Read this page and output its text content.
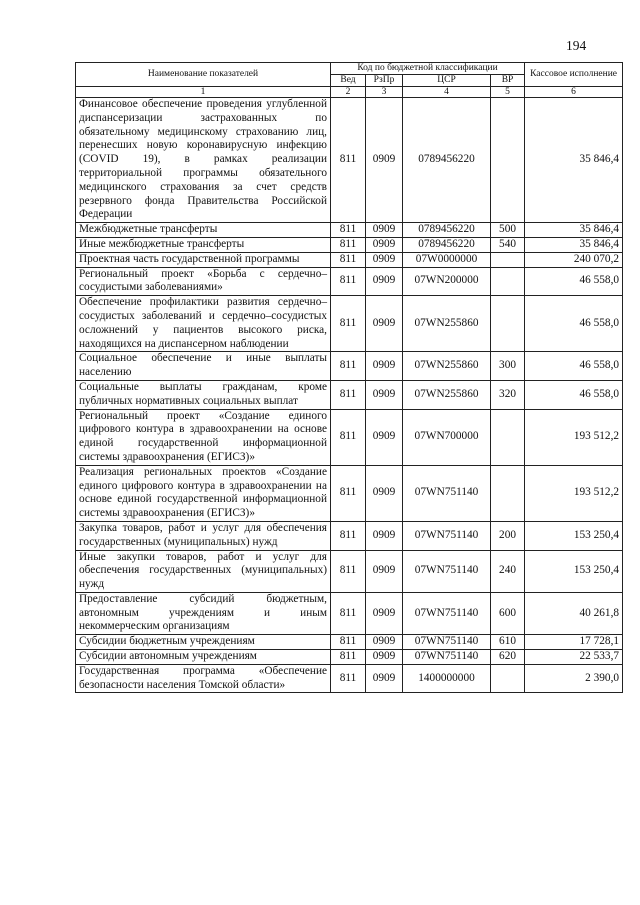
194
Наименование показателей	Код по бюджетной классификации				Кассовое исполнение
	Вед	РзПр	ЦСР	ВР	
1	2	3	4	5	6
Финансовое обеспечение проведения углубленной диспансеризации застрахованных по обязательному медицинскому страхованию лиц, перенесших новую коронавирусную инфекцию (COVID 19), в рамках реализации территориальной программы обязательного медицинского страхования за счет средств резервного фонда Правительства Российской Федерации	811	0909	0789456220		35 846,4
Межбюджетные трансферты	811	0909	0789456220	500	35 846,4
Иные межбюджетные трансферты	811	0909	0789456220	540	35 846,4
Проектная часть государственной программы	811	0909	07W0000000		240 070,2
Региональный проект «Борьба с сердечно–сосудистыми заболеваниями»	811	0909	07WN200000		46 558,0
Обеспечение профилактики развития сердечно–сосудистых заболеваний и сердечно–сосудистых осложнений у пациентов высокого риска, находящихся на диспансерном наблюдении	811	0909	07WN255860		46 558,0
Социальное обеспечение и иные выплаты населению	811	0909	07WN255860	300	46 558,0
Социальные выплаты гражданам, кроме публичных нормативных социальных выплат	811	0909	07WN255860	320	46 558,0
Региональный проект «Создание единого цифрового контура в здравоохранении на основе единой государственной информационной системы здравоохранения (ЕГИСЗ)»	811	0909	07WN700000		193 512,2
Реализация региональных проектов «Создание единого цифрового контура в здравоохранении на основе единой государственной информационной системы здравоохранения (ЕГИСЗ)»	811	0909	07WN751140		193 512,2
Закупка товаров, работ и услуг для обеспечения государственных (муниципальных) нужд	811	0909	07WN751140	200	153 250,4
Иные закупки товаров, работ и услуг для обеспечения государственных (муниципальных) нужд	811	0909	07WN751140	240	153 250,4
Предоставление субсидий бюджетным, автономным учреждениям и иным некоммерческим организациям	811	0909	07WN751140	600	40 261,8
Субсидии бюджетным учреждениям	811	0909	07WN751140	610	17 728,1
Субсидии автономным учреждениям	811	0909	07WN751140	620	22 533,7
Государственная программа «Обеспечение безопасности населения Томской области»	811	0909	1400000000		2 390,0
